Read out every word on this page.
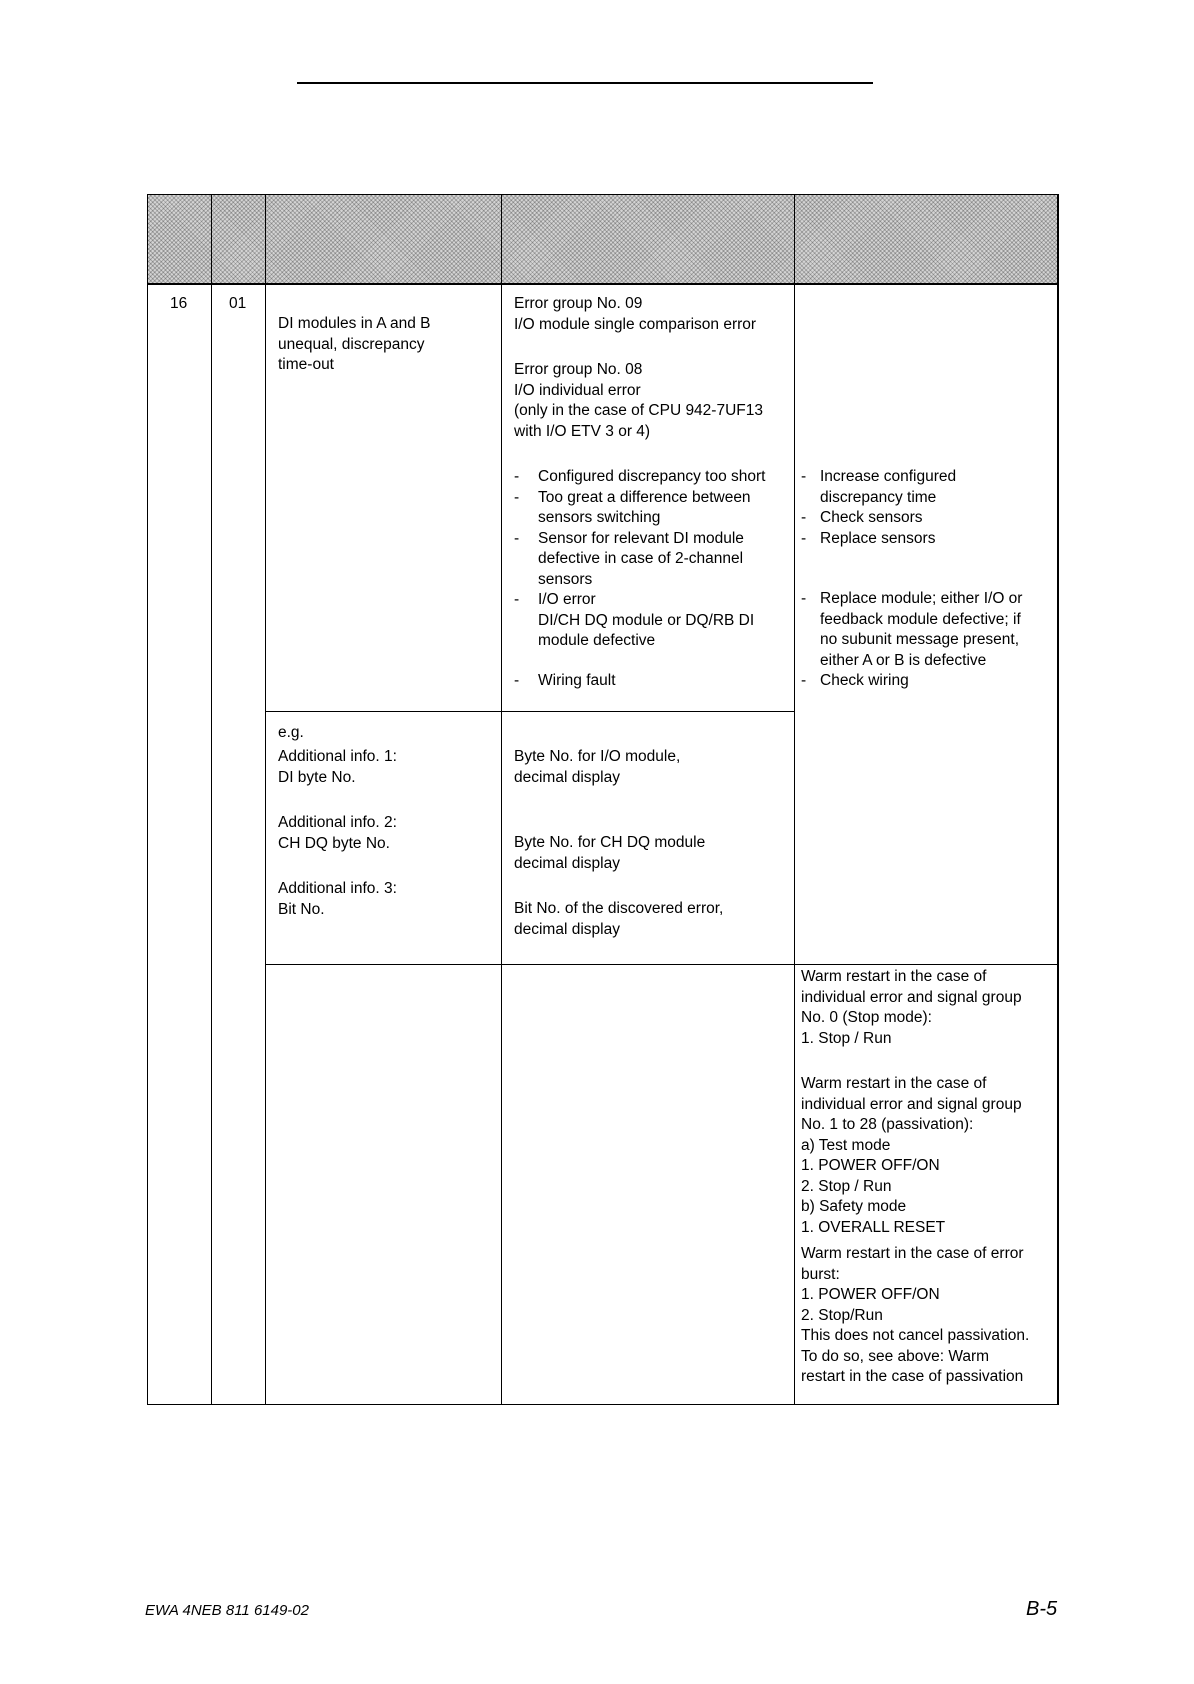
16	01
DI modules in A and B
unequal, discrepancy
time-out
Error group No. 09
I/O module single comparison error
Error group No. 08
I/O individual error
(only in the case of CPU 942-7UF13
with I/O ETV 3 or 4)
- Configured discrepancy too short
- Too great a difference between
sensors switching
- Sensor for relevant DI module
defective in case of 2-channel
sensors
- I/O error
DI/CH DQ module or DQ/RB DI
module defective
- Wiring fault
- Increase configured
discrepancy time
- Check sensors
- Replace sensors
- Replace module; either I/O or
feedback module defective; if
no subunit message present,
either A or B is defective
- Check wiring
e.g.
Additional info. 1:
DI byte No.
Additional info. 2:
CH DQ byte No.
Additional info. 3:
Bit No.
Byte No. for I/O module,
decimal display
Byte No. for CH DQ module
decimal display
Bit No. of the discovered error,
decimal display
Warm restart in the case of
individual error and signal group
No. 0 (Stop mode):
1. Stop / Run
Warm restart in the case of
individual error and signal group
No. 1 to 28 (passivation):
a) Test mode
1. POWER OFF/ON
2. Stop / Run
b) Safety mode
1. OVERALL RESET
Warm restart in the case of error
burst:
1. POWER OFF/ON
2. Stop/Run
This does not cancel passivation.
To do so, see above: Warm
restart in the case of passivation
EWA 4NEB 811 6149-02	B-5
